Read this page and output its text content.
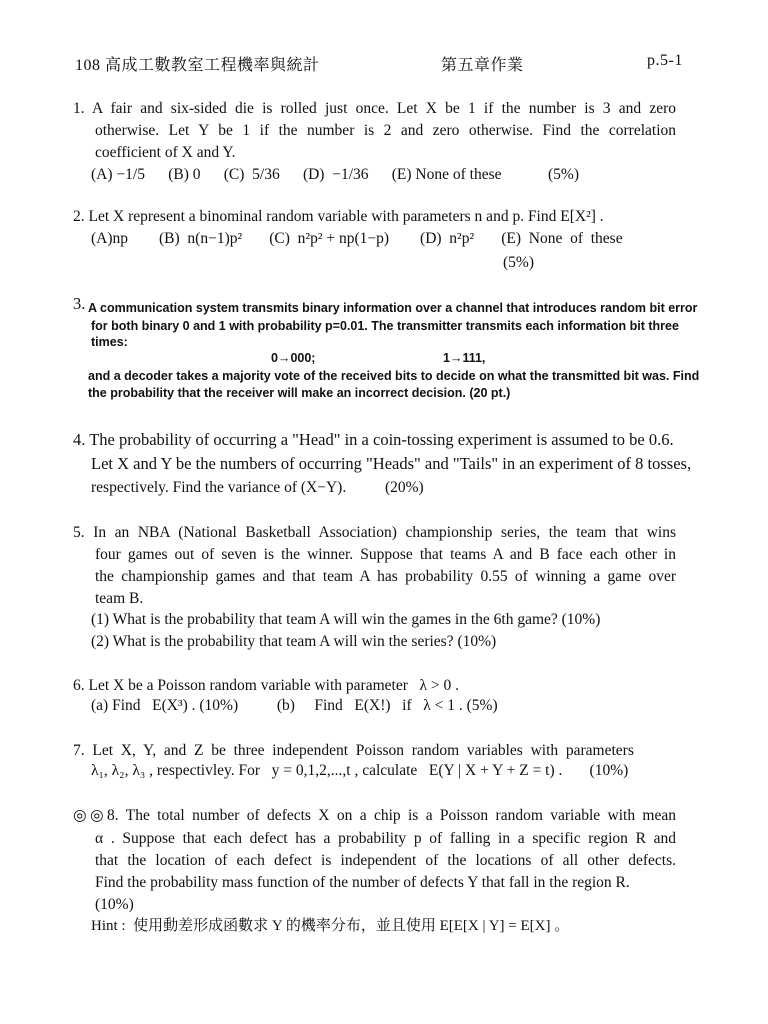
108 高成工數教室工程機率與統計	第五章作業	p.5-1
1. A fair and six-sided die is rolled just once. Let X be 1 if the number is 3 and zero
otherwise. Let Y be 1 if the number is 2 and zero otherwise. Find the correlation
coefficient of X and Y.
(A) −1/5      (B) 0      (C)  5/36      (D)  −1/36      (E) None of these            (5%)
2. Let X represent a binominal random variable with parameters n and p. Find E[X²] .
(A)np        (B)  n(n−1)p²       (C)  n²p² + np(1−p)        (D)  n²p²       (E)  None  of  these
(5%)
3. A communication system transmits binary information over a channel that introduces random bit error
for both binary 0 and 1 with probability p=0.01. The transmitter transmits each information bit three
times:
0→000;	1→111,
and a decoder takes a majority vote of the received bits to decide on what the transmitted bit was. Find
the probability that the receiver will make an incorrect decision. (20 pt.)
4. The probability of occurring a "Head" in a coin-tossing experiment is assumed to be 0.6.
Let X and Y be the numbers of occurring "Heads" and "Tails" in an experiment of 8 tosses,
respectively. Find the variance of (X−Y).          (20%)
5. In an NBA (National Basketball Association) championship series, the team that wins
four games out of seven is the winner. Suppose that teams A and B face each other in
the championship games and that team A has probability 0.55 of winning a game over
team B.
(1) What is the probability that team A will win the games in the 6th game? (10%)
(2) What is the probability that team A will win the series? (10%)
6. Let X be a Poisson random variable with parameter   λ > 0 .
(a) Find   E(X³) . (10%)          (b)     Find   E(X!)   if   λ < 1 . (5%)
7.  Let  X,  Y,  and  Z  be  three  independent  Poisson  random  variables  with  parameters
λ₁, λ₂, λ₃ , respectivley. For   y = 0,1,2,...,t , calculate   E(Y | X + Y + Z = t) .       (10%)
◎◎8. The total number of defects X on a chip is a Poisson random variable with mean
α . Suppose that each defect has a probability p of falling in a specific region R and
that the location of each defect is independent of the locations of all other defects.
Find the probability mass function of the number of defects Y that fall in the region R.
(10%)
Hint :  使用動差形成函數求 Y 的機率分布，並且使用 E[E[X | Y] = E[X] 。
